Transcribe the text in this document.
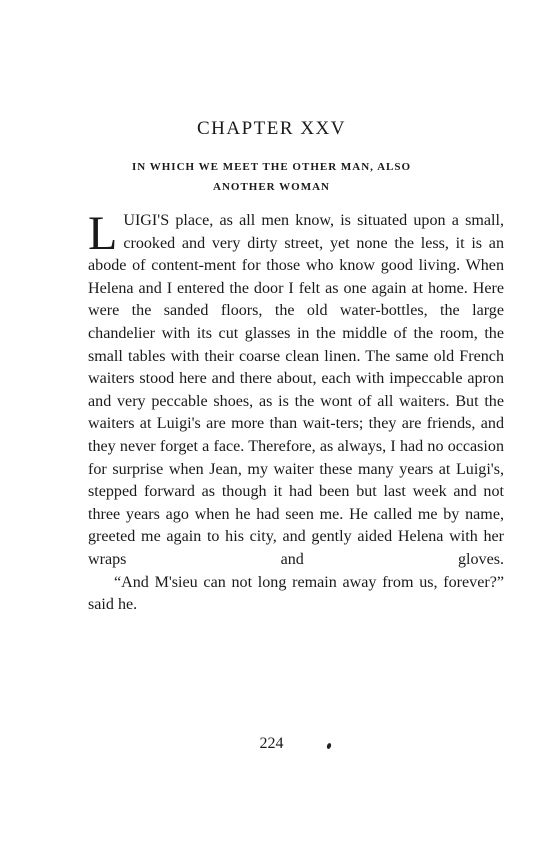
CHAPTER XXV
IN WHICH WE MEET THE OTHER MAN, ALSO
ANOTHER WOMAN

LUIGI'S place, as all men know, is situated upon a small, crooked and very dirty street, yet none the less, it is an abode of content-ment for those who know good living. When Helena and I entered the door I felt as one again at home. Here were the sanded floors, the old water-bottles, the large chandelier with its cut glasses in the middle of the room, the small tables with their coarse clean linen. The same old French waiters stood here and there about, each with impeccable apron and very peccable shoes, as is the wont of all waiters. But the waiters at Luigi's are more than wait-ters; they are friends, and they never forget a face. Therefore, as always, I had no occasion for surprise when Jean, my waiter these many years at Luigi's, stepped forward as though it had been but last week and not three years ago when he had seen me. He called me by name, greeted me again to his city, and gently aided Helena with her wraps and gloves.

“And M'sieu can not long remain away from us, forever?” said he.

224
